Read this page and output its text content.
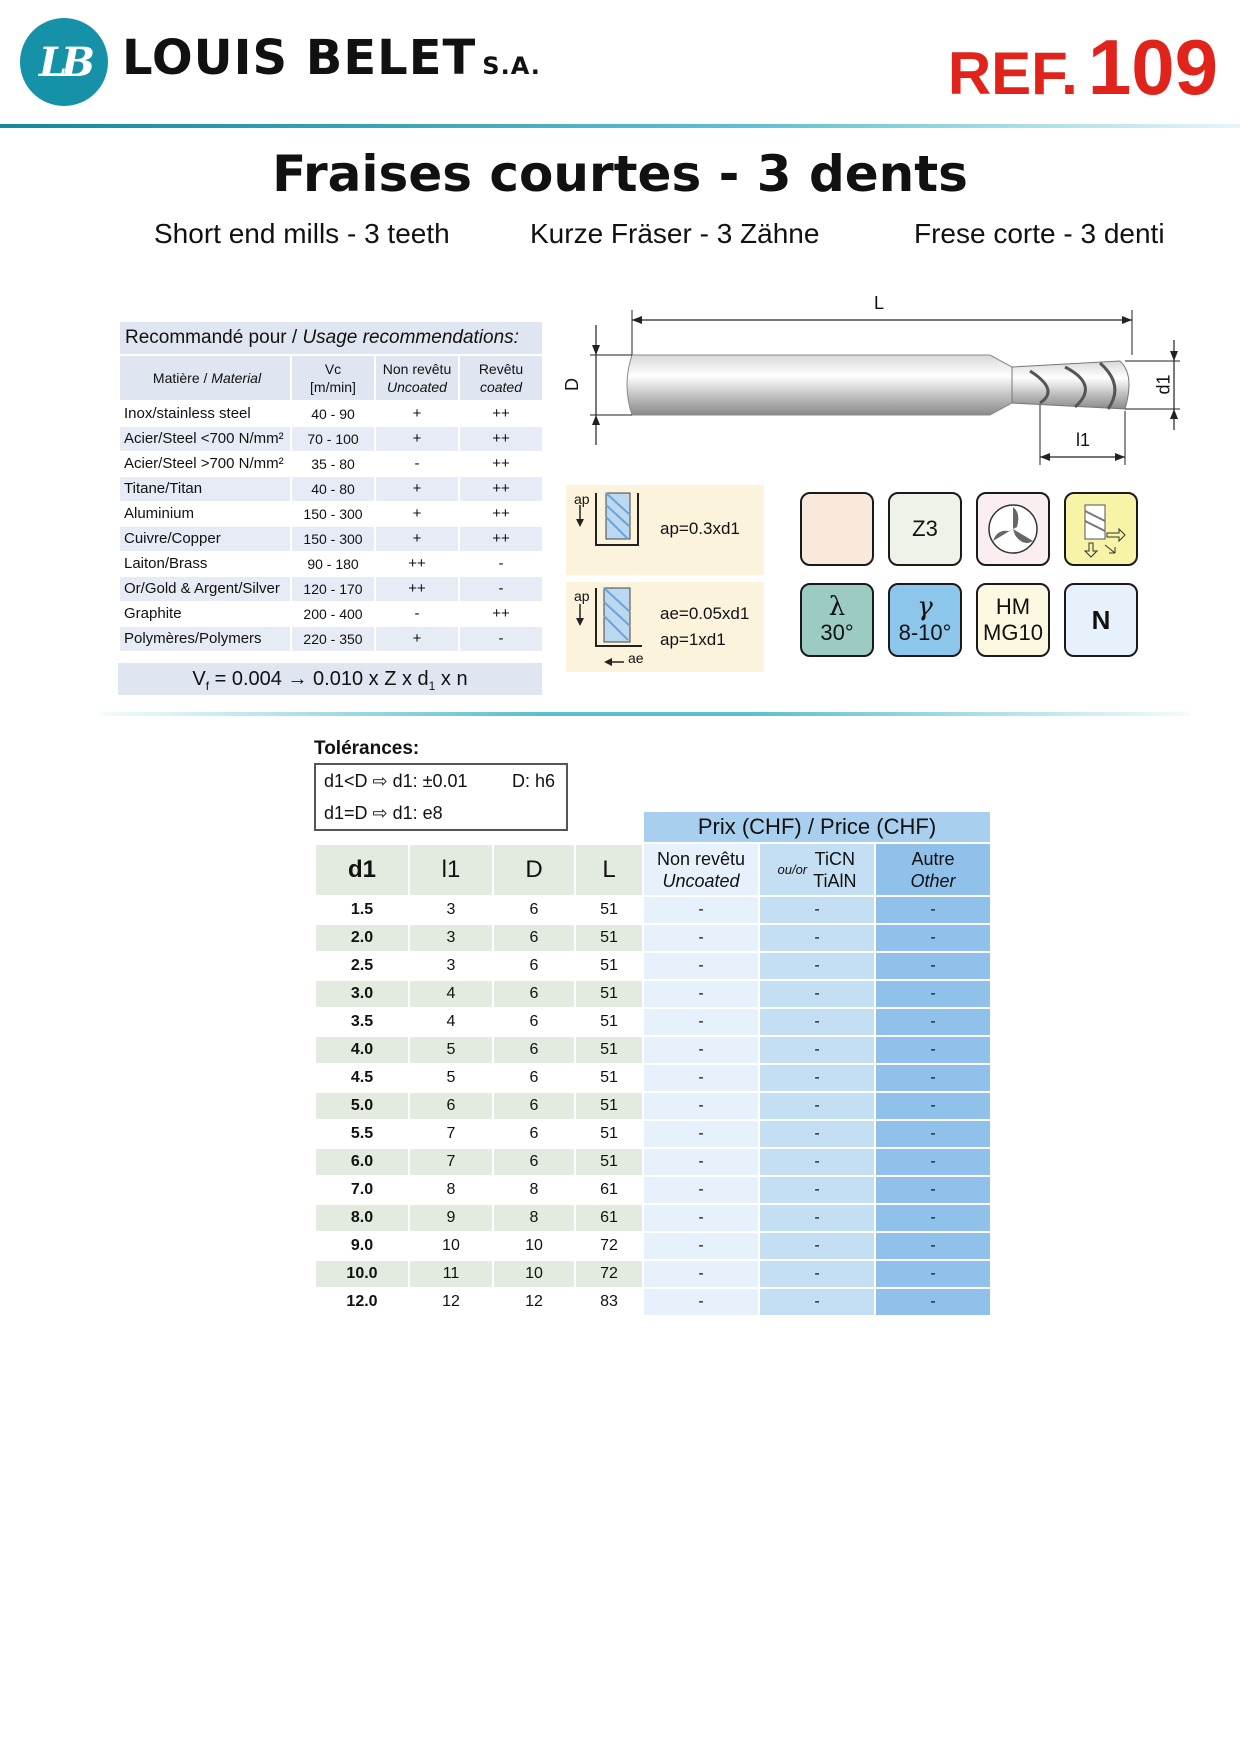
LB LOUIS BELET S.A.	REF. 109
Fraises courtes - 3 dents
Short end mills - 3 teeth	Kurze Fräser - 3 Zähne	Frese corte - 3 denti
Recommandé pour / Usage recommendations:
Matière /
Material
Vc
[m/min]
Non revêtu
Uncoated
Revêtu
coated
Inox/stainless steel	40 - 90	+	++
Acier/Steel <700 N/mm²	70 - 100	+	++
Acier/Steel >700 N/mm²	35 - 80	-	++
Titane/Titan	40 - 80	+	++
Aluminium	150 - 300	+	++
Cuivre/Copper	150 - 300	+	++
Laiton/Brass	90 - 180	++	-
Or/Gold & Argent/Silver	120 - 170	++	-
Graphite	200 - 400	-	++
Polymères/Polymers	220 - 350	+	-
$V_f = 0.004 \to 0.010$ x Z x $d_1$ x n
L
D	d1
l1
ap
ap=0.3xd1
ap
ae
ae=0.05xd1
ap=1xd1
Z3
λ
30°
γ
8-10°
HM
MG10 N
Tolérances:
d1<D ⇨ d1: ±0.01 D: h6
d1=D ⇨ d1: e8
d1	l1	D	L
Prix (CHF) / Price (CHF)
Non revêtu
Uncoated
ou/or
TiCN
TiAlN
Autre
Other
1.5	3	6	51	-	-	-
2.0	3	6	51	-	-	-
2.5	3	6	51	-	-	-
3.0	4	6	51	-	-	-
3.5	4	6	51	-	-	-
4.0	5	6	51	-	-	-
4.5	5	6	51	-	-	-
5.0	6	6	51	-	-	-
5.5	7	6	51	-	-	-
6.0	7	6	51	-	-	-
7.0	8	8	61	-	-	-
8.0	9	8	61	-	-	-
9.0	10	10	72	-	-	-
10.0	11	10	72	-	-	-
12.0	12	12	83	-	-	-
